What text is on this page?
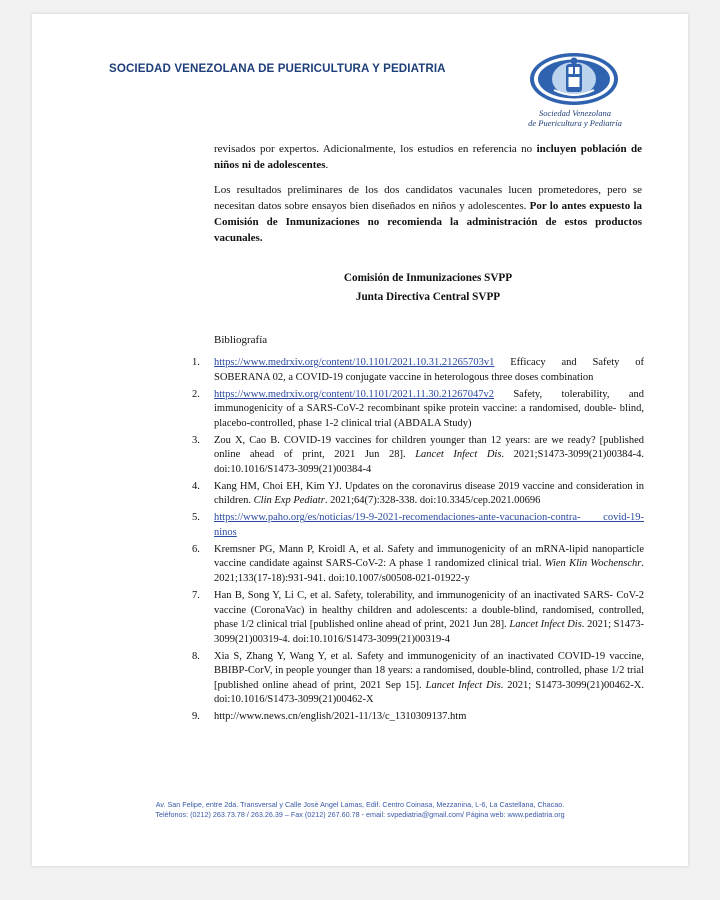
SOCIEDAD VENEZOLANA DE PUERICULTURA Y PEDIATRIA
Sociedad Venezolana
de Puericultura y Pediatría

revisados por expertos. Adicionalmente, los estudios en referencia no incluyen población de niños ni de adolescentes.

Los resultados preliminares de los dos candidatos vacunales lucen prometedores, pero se necesitan datos sobre ensayos bien diseñados en niños y adolescentes. Por lo antes expuesto la Comisión de Inmunizaciones no recomienda la administración de estos productos vacunales.

Comisión de Inmunizaciones SVPP
Junta Directiva Central SVPP
Bibliografía
1.	https://www.medrxiv.org/content/10.1101/2021.10.31.21265703v1 Efficacy and Safety of SOBERANA 02, a COVID-19 conjugate vaccine in heterologous three doses combination
2.	https://www.medrxiv.org/content/10.1101/2021.11.30.21267047v2 Safety, tolerability, and immunogenicity of a SARS-CoV-2 recombinant spike protein vaccine: a randomised, double- blind, placebo-controlled, phase 1-2 clinical trial (ABDALA Study)
3.	Zou X, Cao B. COVID-19 vaccines for children younger than 12 years: are we ready? [published online ahead of print, 2021 Jun 28]. Lancet Infect Dis. 2021;S1473-3099(21)00384-4. doi:10.1016/S1473-3099(21)00384-4
4.	Kang HM, Choi EH, Kim YJ. Updates on the coronavirus disease 2019 vaccine and consideration in children. Clin Exp Pediatr. 2021;64(7):328-338. doi:10.3345/cep.2021.00696
5.	https://www.paho.org/es/noticias/19-9-2021-recomendaciones-ante-vacunacion-contra- covid-19-ninos
6.	Kremsner PG, Mann P, Kroidl A, et al. Safety and immunogenicity of an mRNA-lipid nanoparticle vaccine candidate against SARS-CoV-2: A phase 1 randomized clinical trial. Wien Klin Wochenschr. 2021;133(17-18):931-941. doi:10.1007/s00508-021-01922-y
7.	Han B, Song Y, Li C, et al. Safety, tolerability, and immunogenicity of an inactivated SARS- CoV-2 vaccine (CoronaVac) in healthy children and adolescents: a double-blind, randomised, controlled, phase 1/2 clinical trial [published online ahead of print, 2021 Jun 28]. Lancet Infect Dis. 2021; S1473-3099(21)00319-4. doi:10.1016/S1473-3099(21)00319-4
8.	Xia S, Zhang Y, Wang Y, et al. Safety and immunogenicity of an inactivated COVID-19 vaccine, BBIBP-CorV, in people younger than 18 years: a randomised, double-blind, controlled, phase 1/2 trial [published online ahead of print, 2021 Sep 15]. Lancet Infect Dis. 2021; S1473-3099(21)00462-X. doi:10.1016/S1473-3099(21)00462-X
9.	http://www.news.cn/english/2021-11/13/c_1310309137.htm
Av. San Felipe, entre 2da. Transversal y Calle José Angel Lamas, Edif. Centro Coinasa, Mezzanina, L-6, La Castellana, Chacao.
Teléfonos: (0212) 263.73.78 / 263.26.39 – Fax (0212) 267.60.78 - email: svpediatria@gmail.com/ Página web: www.pediatria.org
